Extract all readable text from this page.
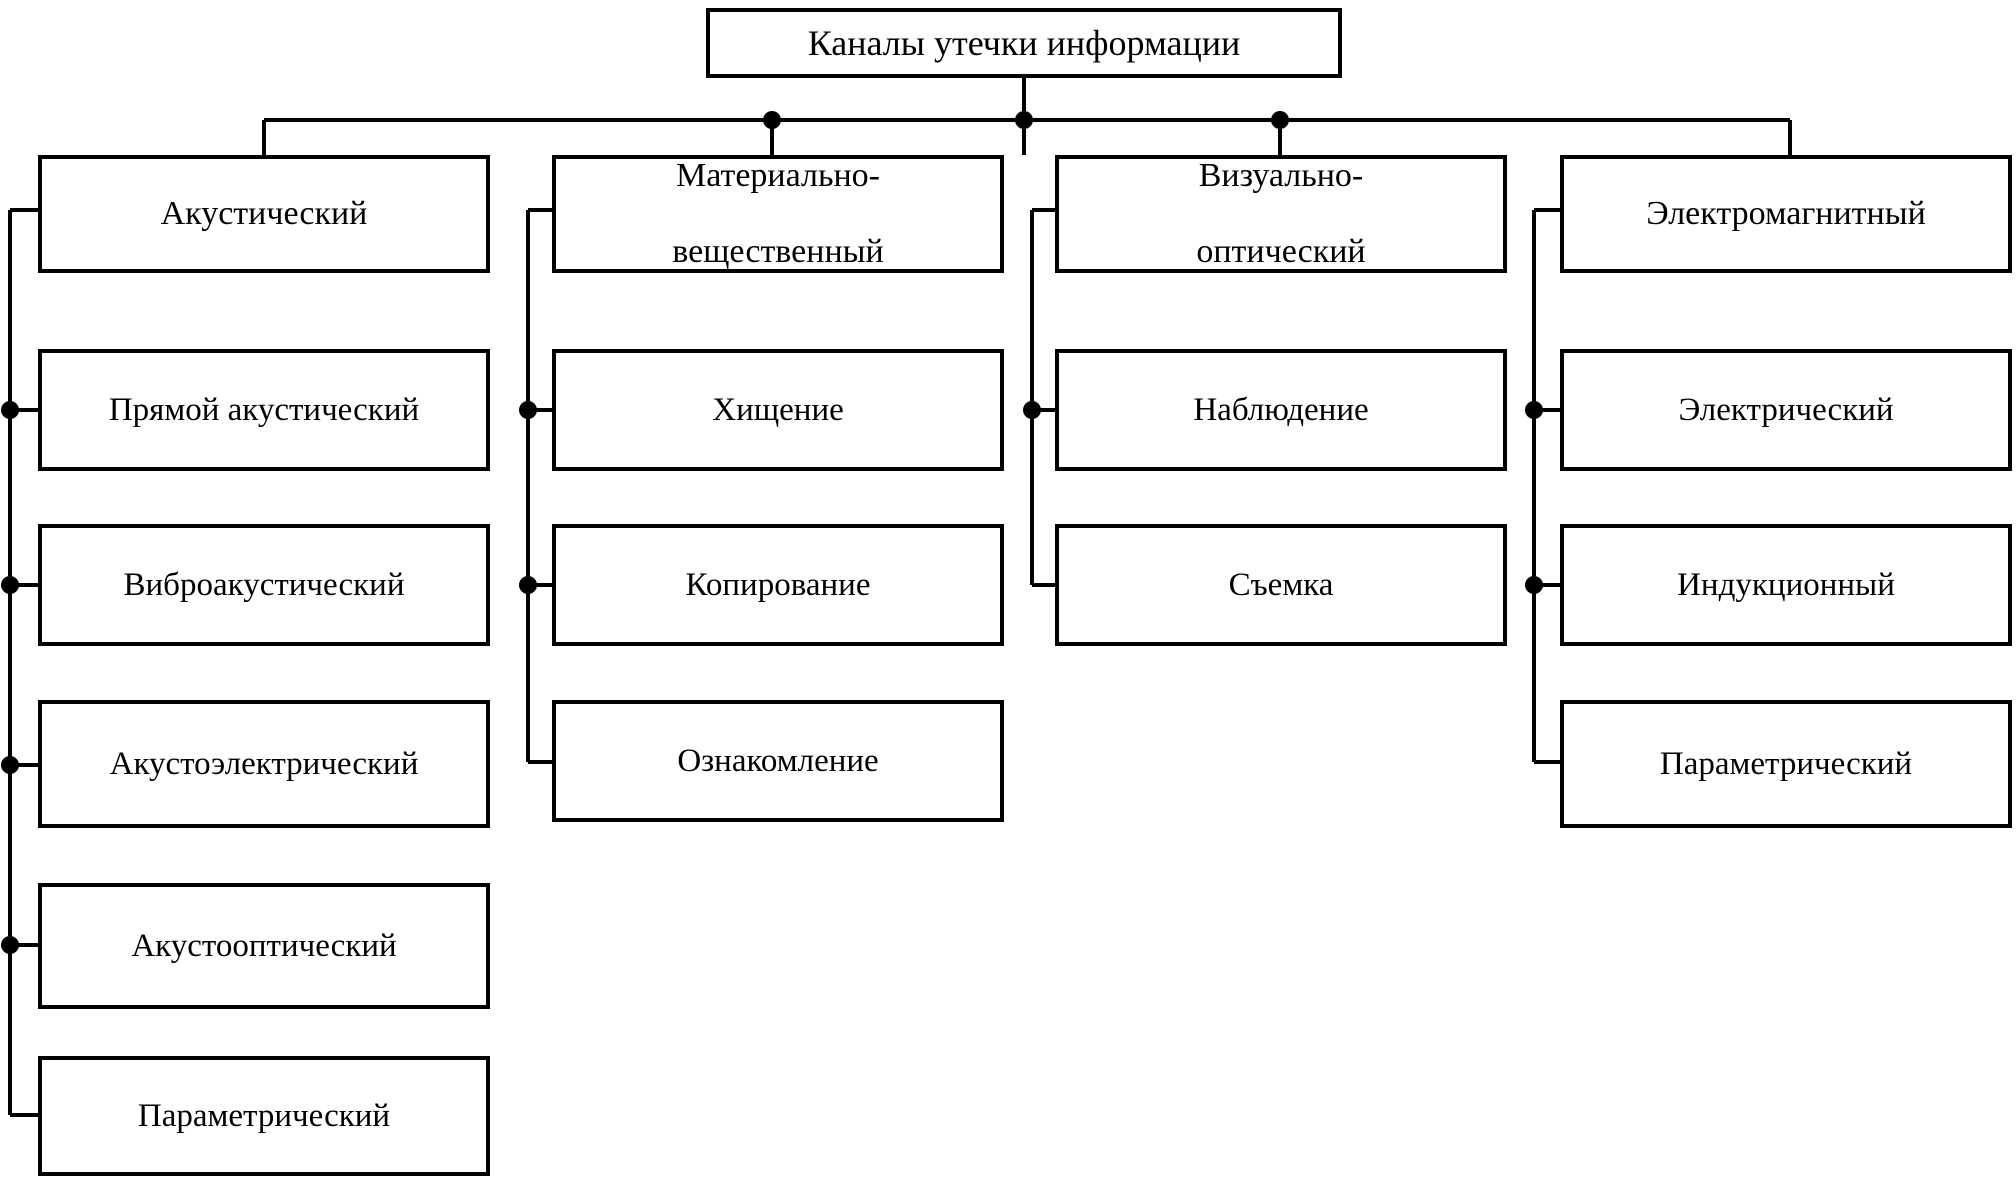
Каналы утечки информации
Акустический
Материально-

вещественный
Визуально-

оптический
Электромагнитный
Прямой акустический
Виброакустический
Акустоэлектрический
Акустооптический
Параметрический
Хищение
Копирование
Ознакомление
Наблюдение
Съемка
Электрический
Индукционный
Параметрический
